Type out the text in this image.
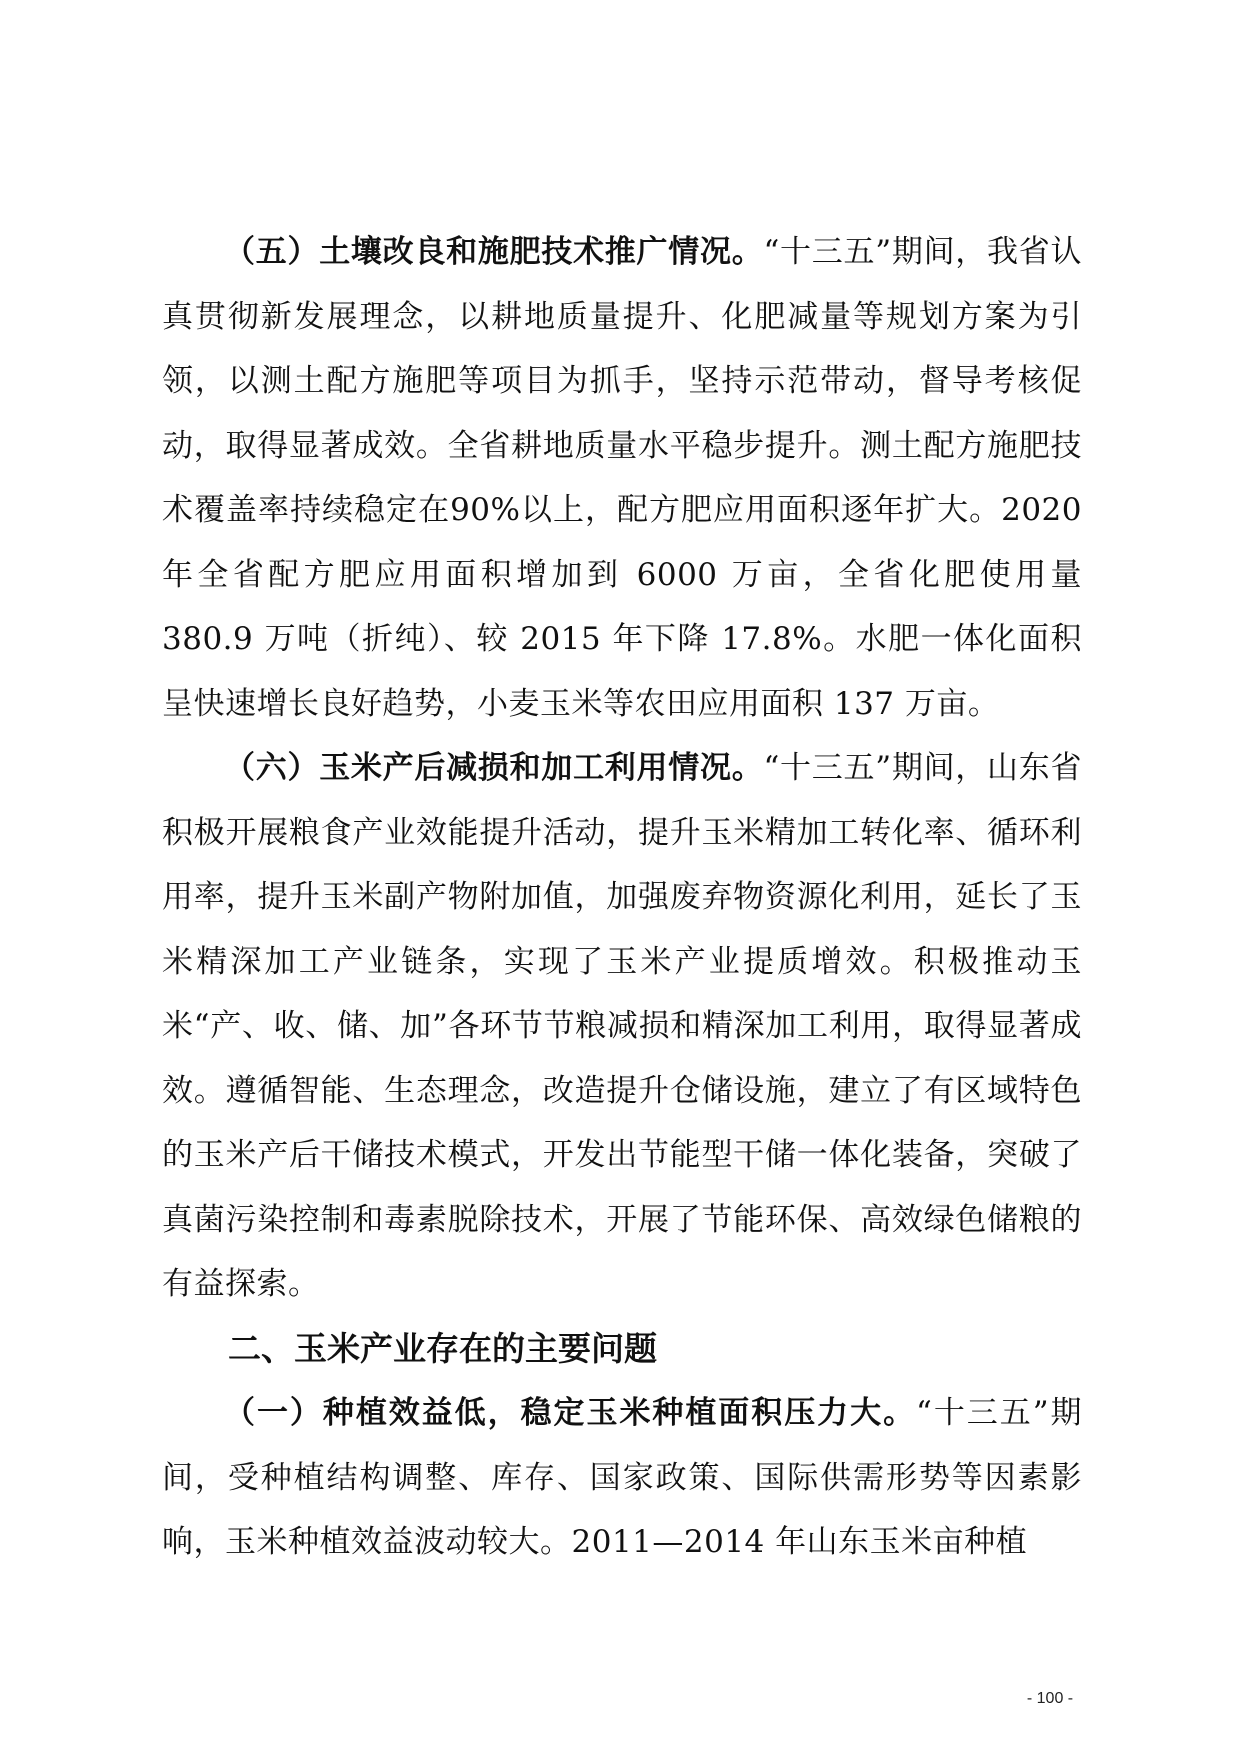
（五）土壤改良和施肥技术推广情况。“十三五”期间，我省认真贯彻新发展理念，以耕地质量提升、化肥减量等规划方案为引领，以测土配方施肥等项目为抓手，坚持示范带动，督导考核促动，取得显著成效。全省耕地质量水平稳步提升。测土配方施肥技术覆盖率持续稳定在90%以上，配方肥应用面积逐年扩大。2020 年全省配方肥应用面积增加到 6000 万亩，全省化肥使用量 380.9 万吨（折纯）、较 2015 年下降 17.8%。水肥一体化面积呈快速增长良好趋势，小麦玉米等农田应用面积 137 万亩。

（六）玉米产后减损和加工利用情况。“十三五”期间，山东省积极开展粮食产业效能提升活动，提升玉米精加工转化率、循环利用率，提升玉米副产物附加值，加强废弃物资源化利用，延长了玉米精深加工产业链条，实现了玉米产业提质增效。积极推动玉米“产、收、储、加”各环节节粮减损和精深加工利用，取得显著成效。遵循智能、生态理念，改造提升仓储设施，建立了有区域特色的玉米产后干储技术模式，开发出节能型干储一体化装备，突破了真菌污染控制和毒素脱除技术，开展了节能环保、高效绿色储粮的有益探索。

二、玉米产业存在的主要问题

（一）种植效益低，稳定玉米种植面积压力大。“十三五”期间，受种植结构调整、库存、国家政策、国际供需形势等因素影响，玉米种植效益波动较大。2011—2014 年山东玉米亩种植

- 100 -
